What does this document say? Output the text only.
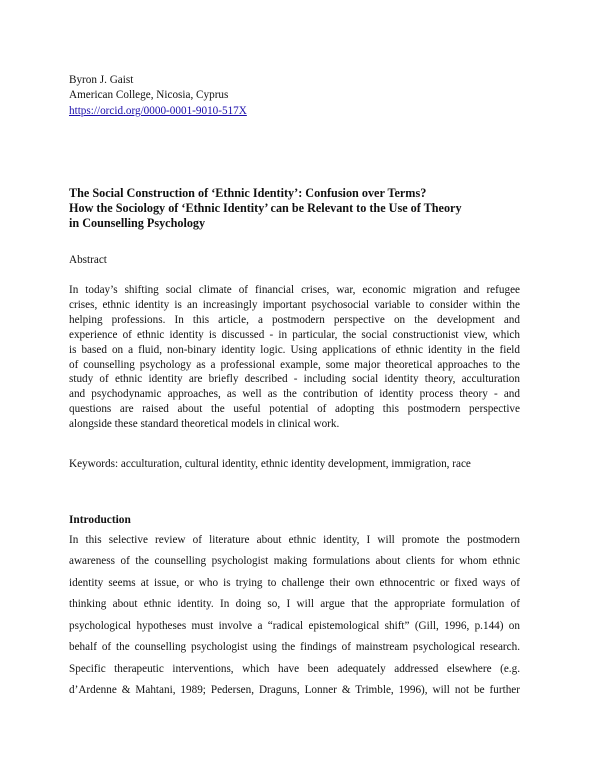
Byron J. Gaist

American College, Nicosia, Cyprus

https://orcid.org/0000-0001-9010-517X
The Social Construction of ‘Ethnic Identity’: Confusion over Terms?
How the Sociology of ‘Ethnic Identity’ can be Relevant to the Use of Theory
in Counselling Psychology

Abstract

In today’s shifting social climate of financial crises, war, economic migration and refugee
crises, ethnic identity is an increasingly important psychosocial variable to consider within the
helping professions. In this article, a postmodern perspective on the development and
experience of ethnic identity is discussed - in particular, the social constructionist view, which
is based on a fluid, non-binary identity logic. Using applications of ethnic identity in the field
of counselling psychology as a professional example, some major theoretical approaches to the
study of ethnic identity are briefly described - including social identity theory, acculturation
and psychodynamic approaches, as well as the contribution of identity process theory - and
questions are raised about the useful potential of adopting this postmodern perspective
alongside these standard theoretical models in clinical work.

Keywords: acculturation, cultural identity, ethnic identity development, immigration, race

Introduction
In this selective review of literature about ethnic identity, I will promote the postmodern
awareness of the counselling psychologist making formulations about clients for whom ethnic
identity seems at issue, or who is trying to challenge their own ethnocentric or fixed ways of
thinking about ethnic identity. In doing so, I will argue that the appropriate formulation of
psychological hypotheses must involve a “radical epistemological shift” (Gill, 1996, p.144) on
behalf of the counselling psychologist using the findings of mainstream psychological research.
Specific therapeutic interventions, which have been adequately addressed elsewhere (e.g.
d’Ardenne & Mahtani, 1989; Pedersen, Draguns, Lonner & Trimble, 1996), will not be further
